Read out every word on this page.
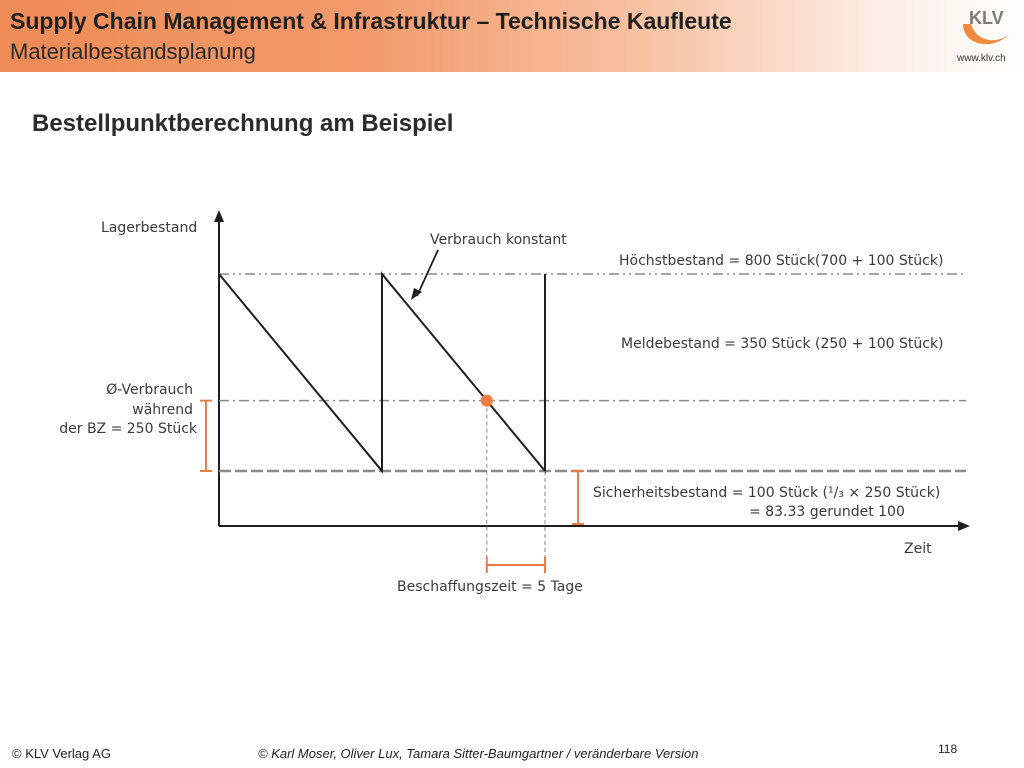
Supply Chain Management & Infrastruktur – Technische Kaufleute
Materialbestandsplanung
KLV
www.klv.ch
Bestellpunktberechnung am Beispiel
Lagerbestand
Zeit
Verbrauch konstant
Höchstbestand = 800 Stück(700 + 100 Stück)
Meldebestand = 350 Stück (250 + 100 Stück)
Ø-Verbrauch
während
der BZ = 250 Stück
Sicherheitsbestand = 100 Stück (¹/₃ × 250 Stück)
= 83.33 gerundet 100
Beschaffungszeit = 5 Tage
© KLV Verlag AG	© Karl Moser, Oliver Lux, Tamara Sitter-Baumgartner / veränderbare Version	118
